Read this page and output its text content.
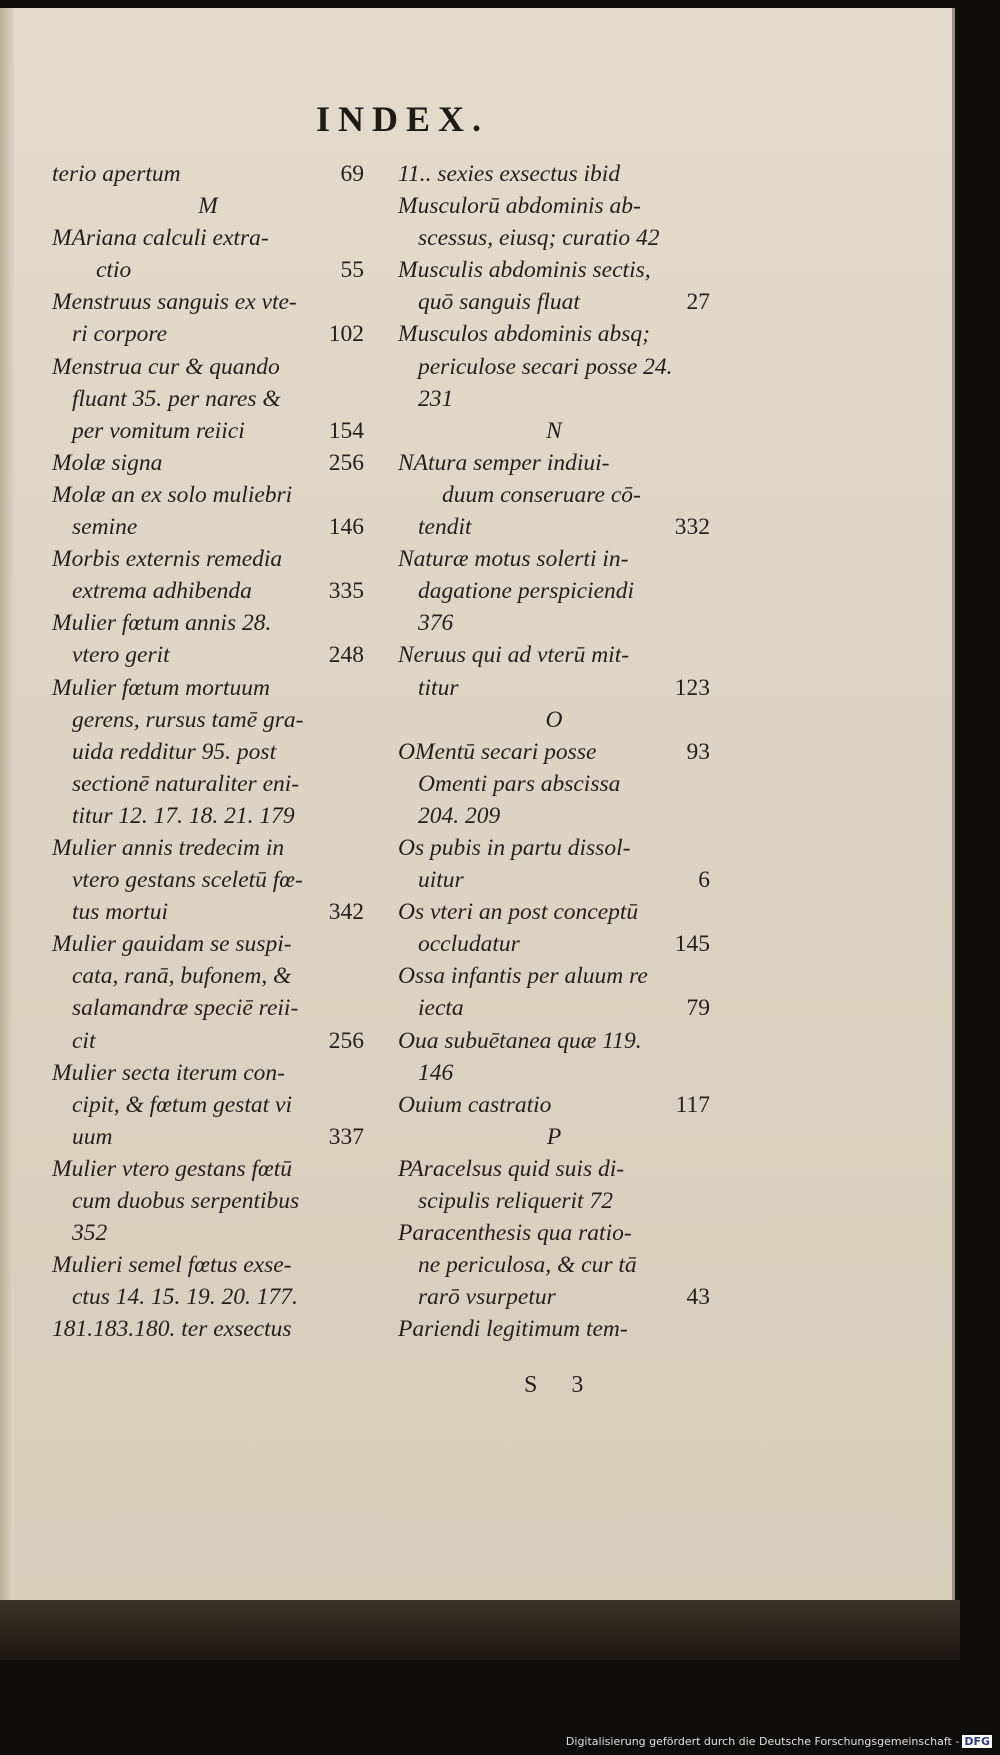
INDEX.
terio apertum	69
M
MAriana calculi extra-
ctio	55
Menstruus sanguis ex vte-
ri corpore	102
Menstrua cur & quando
fluant 35. per nares &
per vomitum reiici	154
Molæ signa	256
Molæ an ex solo muliebri
semine	146
Morbis externis remedia
extrema adhibenda	335
Mulier fœtum annis 28.
vtero gerit	248
Mulier fœtum mortuum
gerens, rursus tamē gra-
uida redditur 95. post
sectionē naturaliter eni-
titur 12. 17. 18. 21. 179
Mulier annis tredecim in
vtero gestans sceletū fœ-
tus mortui	342
Mulier gauidam se suspi-
cata, ranā, bufonem, &
salamandræ speciē reii-
cit	256
Mulier secta iterum con-
cipit, & fœtum gestat vi
uum	337
Mulier vtero gestans fœtū
cum duobus serpentibus
352
Mulieri semel fœtus exse-
ctus 14. 15. 19. 20. 177.
181.183.180. ter exsectus
11.. sexies exsectus ibid
Musculorū abdominis ab-
scessus, eiusq; curatio 42
Musculis abdominis sectis,
quō sanguis fluat	27
Musculos abdominis absq;
periculose secari posse 24.
231
N
NAtura semper indiui-
duum conseruare cō-
tendit	332
Naturæ motus solerti in-
dagatione perspiciendi
376
Neruus qui ad vterū mit-
titur	123
O
OMentū secari posse	93
Omenti pars abscissa
204. 209
Os pubis in partu dissol-
uitur	6
Os vteri an post conceptū
occludatur	145
Ossa infantis per aluum re
iecta	79
Oua subuētanea quæ 119.
146
Ouium castratio	117
P
PAracelsus quid suis di-
scipulis reliquerit 72
Paracenthesis qua ratio-
ne periculosa, & cur tā
rarō vsurpetur	43
Pariendi legitimum tem-
S 3
Digitalisierung gefördert durch die Deutsche Forschungsgemeinschaft - DFG
